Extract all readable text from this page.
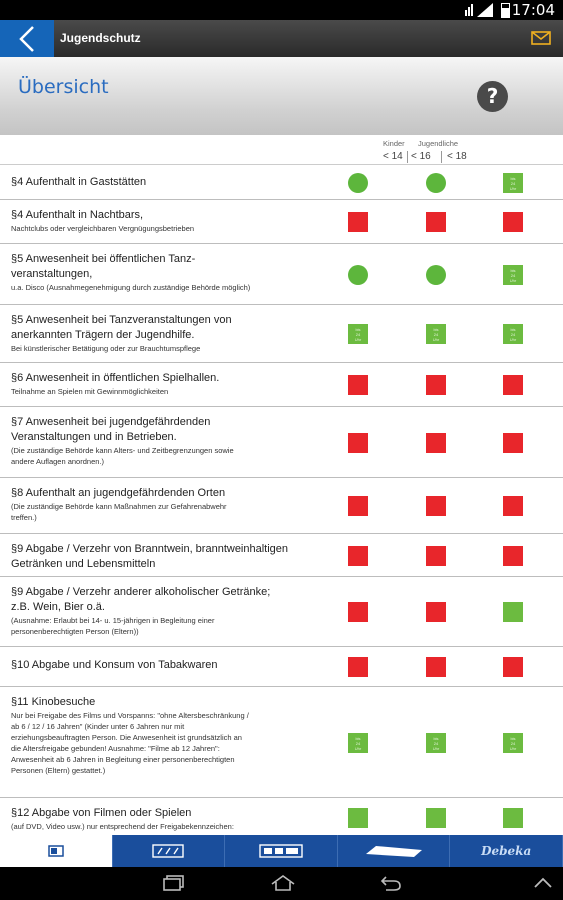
17:04
Jugendschutz
Übersicht	?
Kinder Jugendliche
< 14 < 16 < 18
§4 Aufenthalt in Gaststätten	bis
24
Uhr
§4 Aufenthalt in Nachtbars,
Nachtclubs oder vergleichbaren Vergnügungsbetrieben
§5 Anwesenheit bei öffentlichen Tanz-
veranstaltungen,
u.a. Disco (Ausnahmegenehmigung durch zuständige Behörde möglich)
bis
24
Uhr
§5 Anwesenheit bei Tanzveranstaltungen von
anerkannten Trägern der Jugendhilfe.
Bei künstlerischer Betätigung oder zur Brauchtumspflege
bis
24
Uhr
bis
24
Uhr
bis
24
Uhr
§6 Anwesenheit in öffentlichen Spielhallen.
Teilnahme an Spielen mit Gewinnmöglichkeiten
§7 Anwesenheit bei jugendgefährdenden
Veranstaltungen und in Betrieben.
(Die zuständige Behörde kann Alters- und Zeitbegrenzungen sowie
andere Auflagen anordnen.)
§8 Aufenthalt an jugendgefährdenden Orten
(Die zuständige Behörde kann Maßnahmen zur Gefahrenabwehr
treffen.)
§9 Abgabe / Verzehr von Branntwein, branntweinhaltigen
Getränken und Lebensmitteln
§9 Abgabe / Verzehr anderer alkoholischer Getränke;
z.B. Wein, Bier o.ä.
(Ausnahme: Erlaubt bei 14- u. 15-jährigen in Begleitung einer
personenberechtigten Person (Eltern))
§10 Abgabe und Konsum von Tabakwaren
§11 Kinobesuche
Nur bei Freigabe des Films und Vorspanns: "ohne Altersbeschränkung /
ab 6 / 12 / 16 Jahren" (Kinder unter 6 Jahren nur mit
erziehungsbeauftragten Person. Die Anwesenheit ist grundsätzlich an
die Altersfreigabe gebunden! Ausnahme: "Filme ab 12 Jahren":
Anwesenheit ab 6 Jahren in Begleitung einer personenberechtigten
Personen (Eltern) gestattet.)
bis
24
Uhr
bis
24
Uhr
bis
24
Uhr
§12 Abgabe von Filmen oder Spielen
(auf DVD, Video usw.) nur entsprechend der Freigabekennzeichen:
Debeka
